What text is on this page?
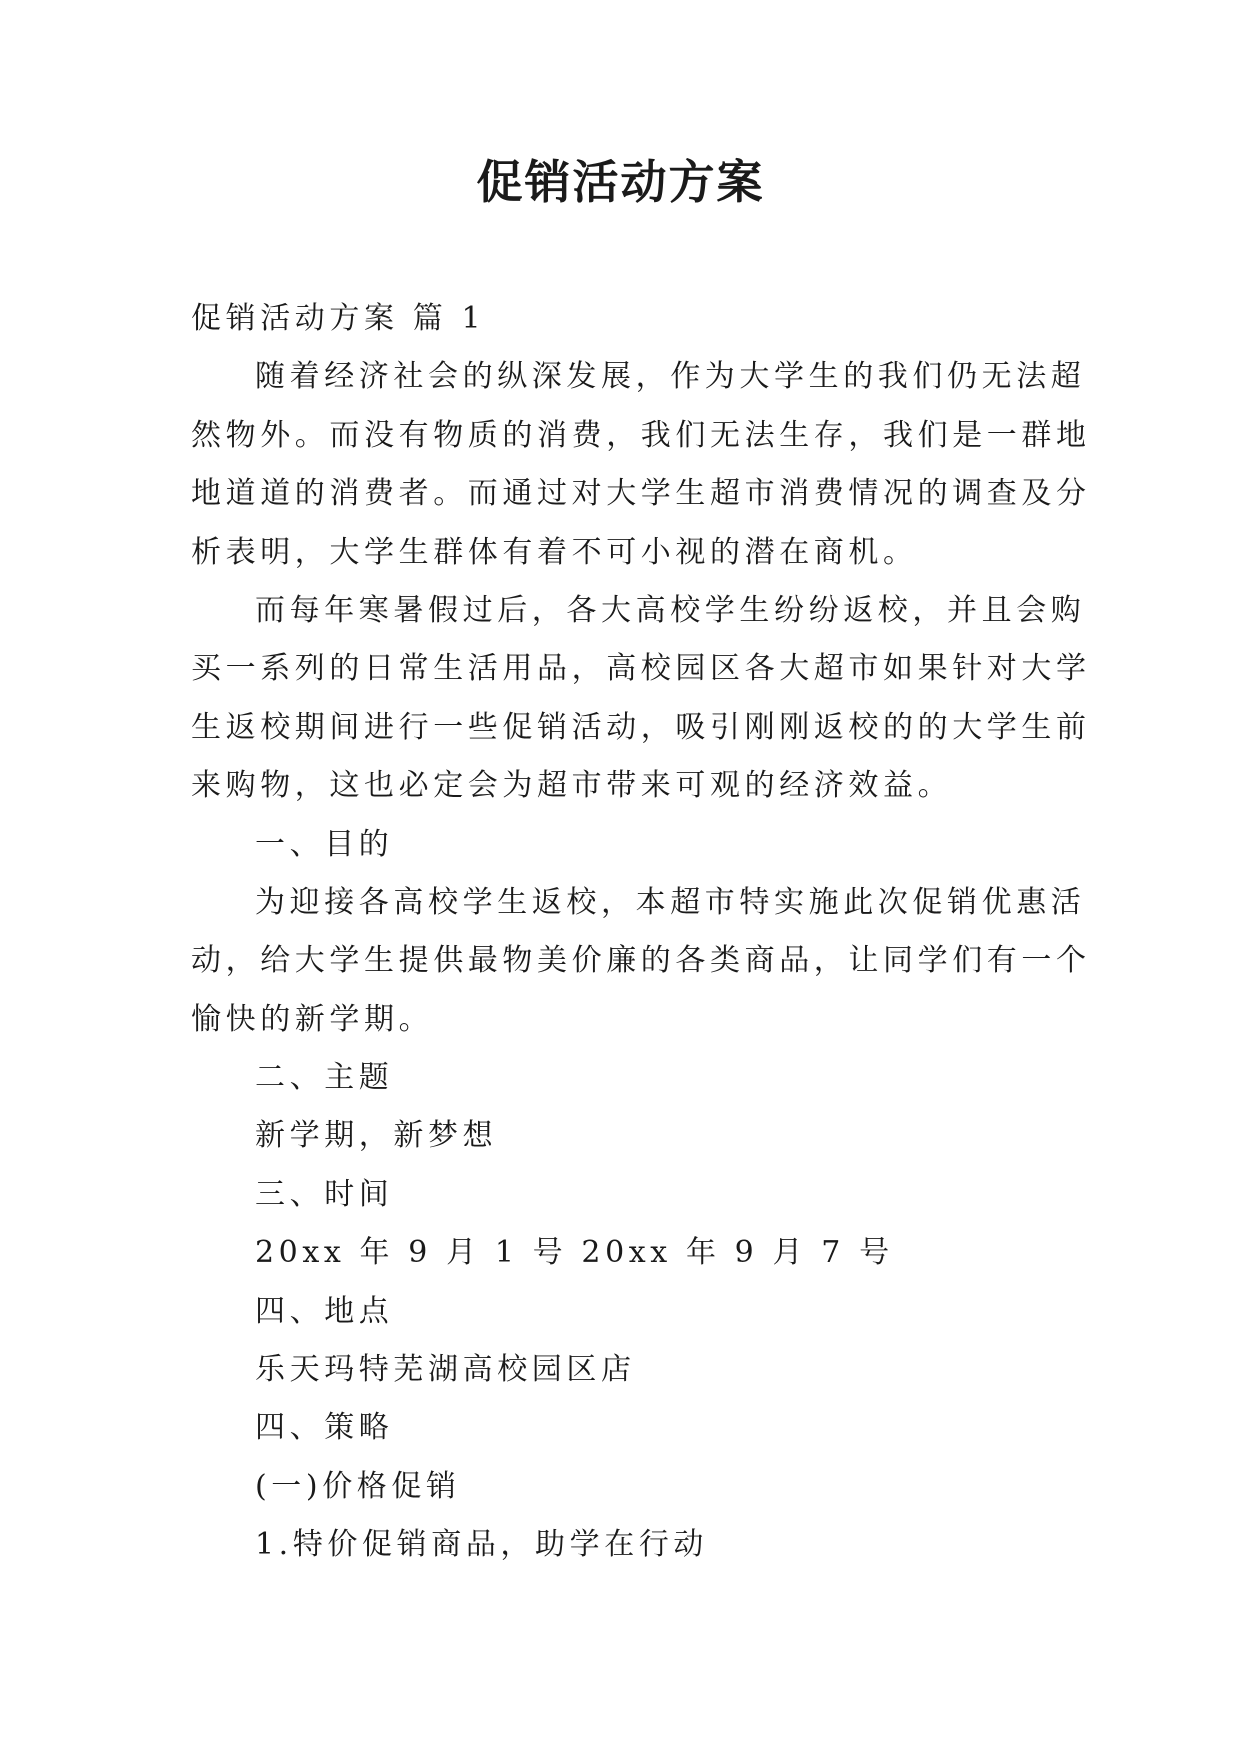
促销活动方案
促销活动方案 篇 1
随着经济社会的纵深发展，作为大学生的我们仍无法超
然物外。而没有物质的消费，我们无法生存，我们是一群地
地道道的消费者。而通过对大学生超市消费情况的调查及分
析表明，大学生群体有着不可小视的潜在商机。
而每年寒暑假过后，各大高校学生纷纷返校，并且会购
买一系列的日常生活用品，高校园区各大超市如果针对大学
生返校期间进行一些促销活动，吸引刚刚返校的的大学生前
来购物，这也必定会为超市带来可观的经济效益。
一、目的
为迎接各高校学生返校，本超市特实施此次促销优惠活
动，给大学生提供最物美价廉的各类商品，让同学们有一个
愉快的新学期。
二、主题
新学期，新梦想
三、时间
20xx 年 9 月 1 号 20xx 年 9 月 7 号
四、地点
乐天玛特芜湖高校园区店
四、策略
(一)价格促销
1.特价促销商品，助学在行动
